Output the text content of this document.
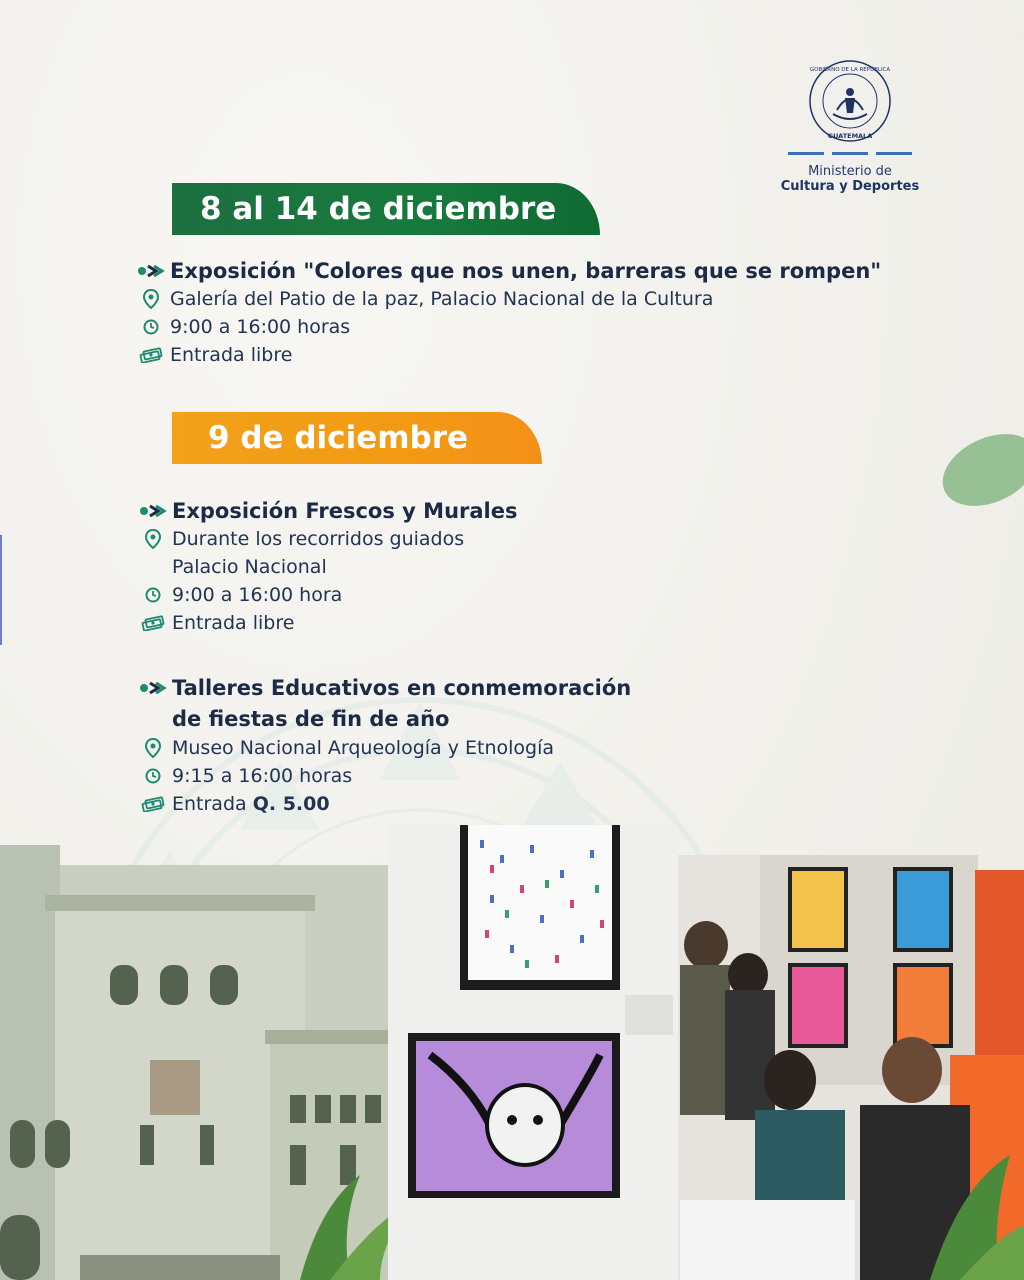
GOBIERNO DE LA REPÚBLICA
GUATEMALA
Ministerio de
Cultura y Deportes
8 al 14 de diciembre
Exposición "Colores que nos unen, barreras que se rompen"
Galería del Patio de la paz, Palacio Nacional de la Cultura
9:00 a 16:00 horas
Entrada libre
9 de diciembre
Exposición Frescos y Murales
Durante los recorridos guiados
Palacio Nacional
9:00 a 16:00 hora
Entrada libre
Talleres Educativos en conmemoración
de fiestas de fin de año
Museo Nacional Arqueología y Etnología
9:15 a 16:00 horas
Entrada Q. 5.00
